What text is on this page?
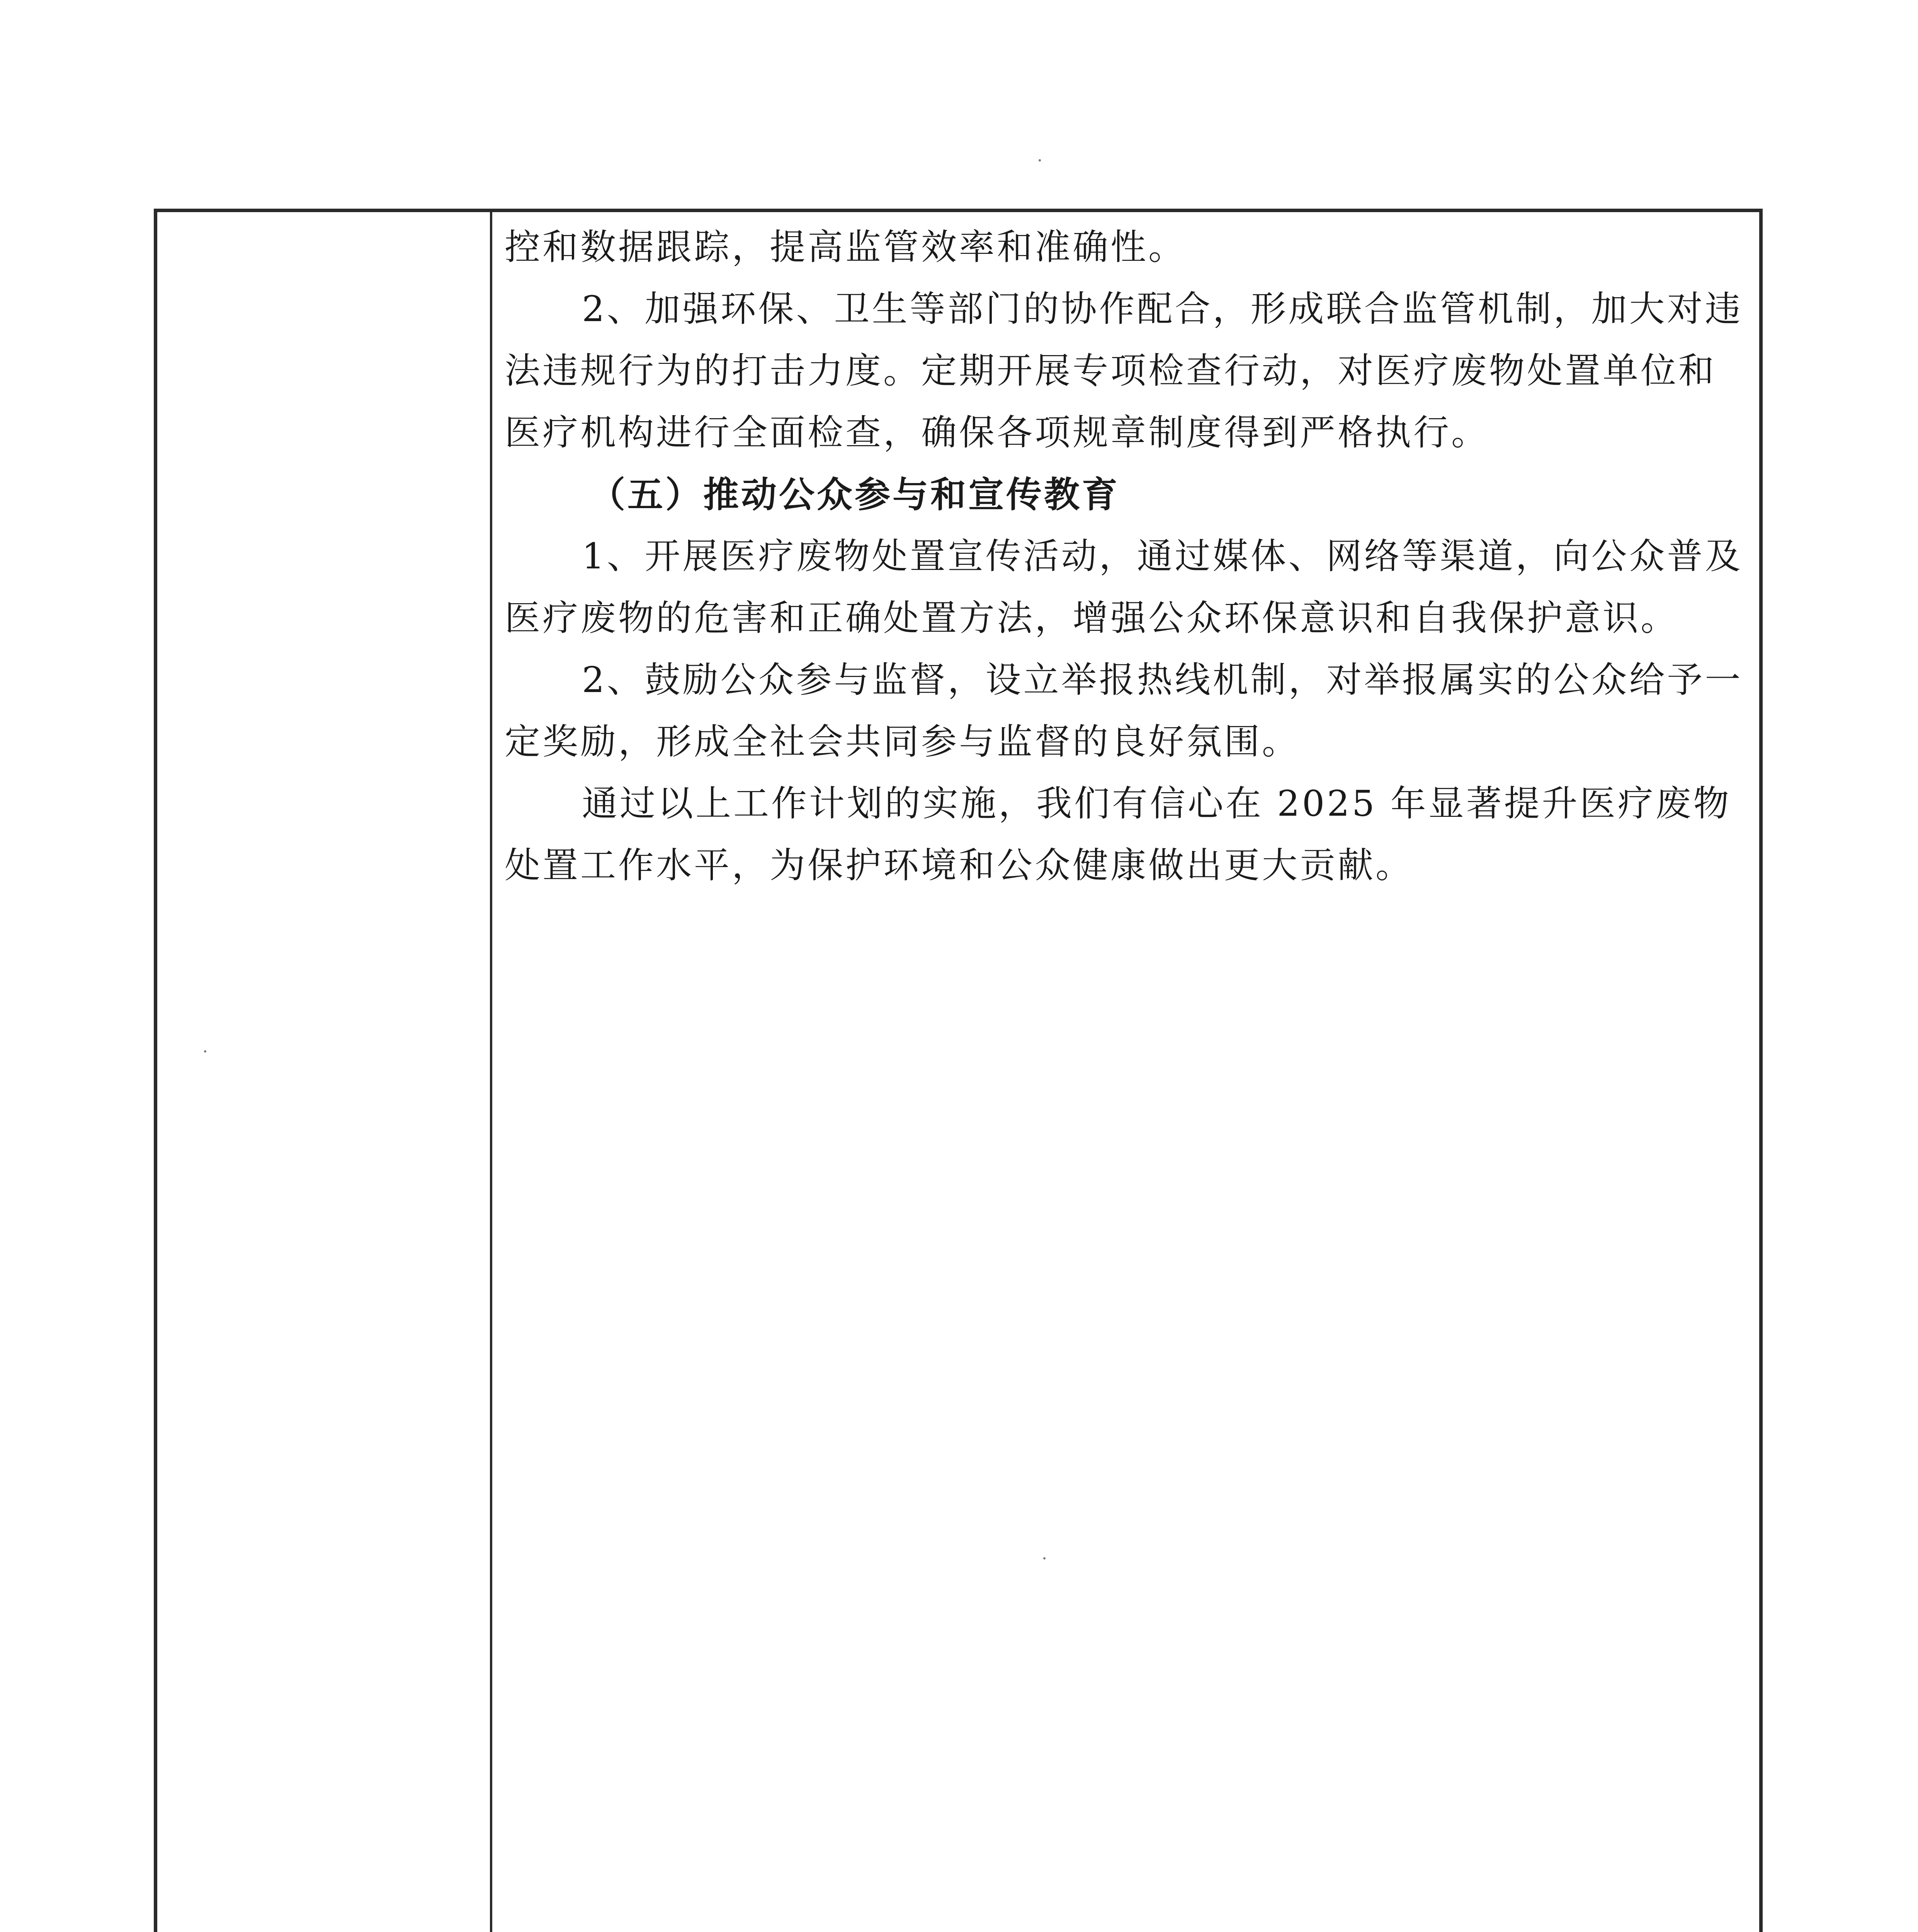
控和数据跟踪，提高监管效率和准确性。
2、加强环保、卫生等部门的协作配合，形成联合监管机制，加大对违
法违规行为的打击力度。定期开展专项检查行动，对医疗废物处置单位和
医疗机构进行全面检查，确保各项规章制度得到严格执行。
（五）推动公众参与和宣传教育
1、开展医疗废物处置宣传活动，通过媒体、网络等渠道，向公众普及
医疗废物的危害和正确处置方法，增强公众环保意识和自我保护意识。
2、鼓励公众参与监督，设立举报热线机制，对举报属实的公众给予一
定奖励，形成全社会共同参与监督的良好氛围。
通过以上工作计划的实施，我们有信心在 2025 年显著提升医疗废物
处置工作水平，为保护环境和公众健康做出更大贡献。
